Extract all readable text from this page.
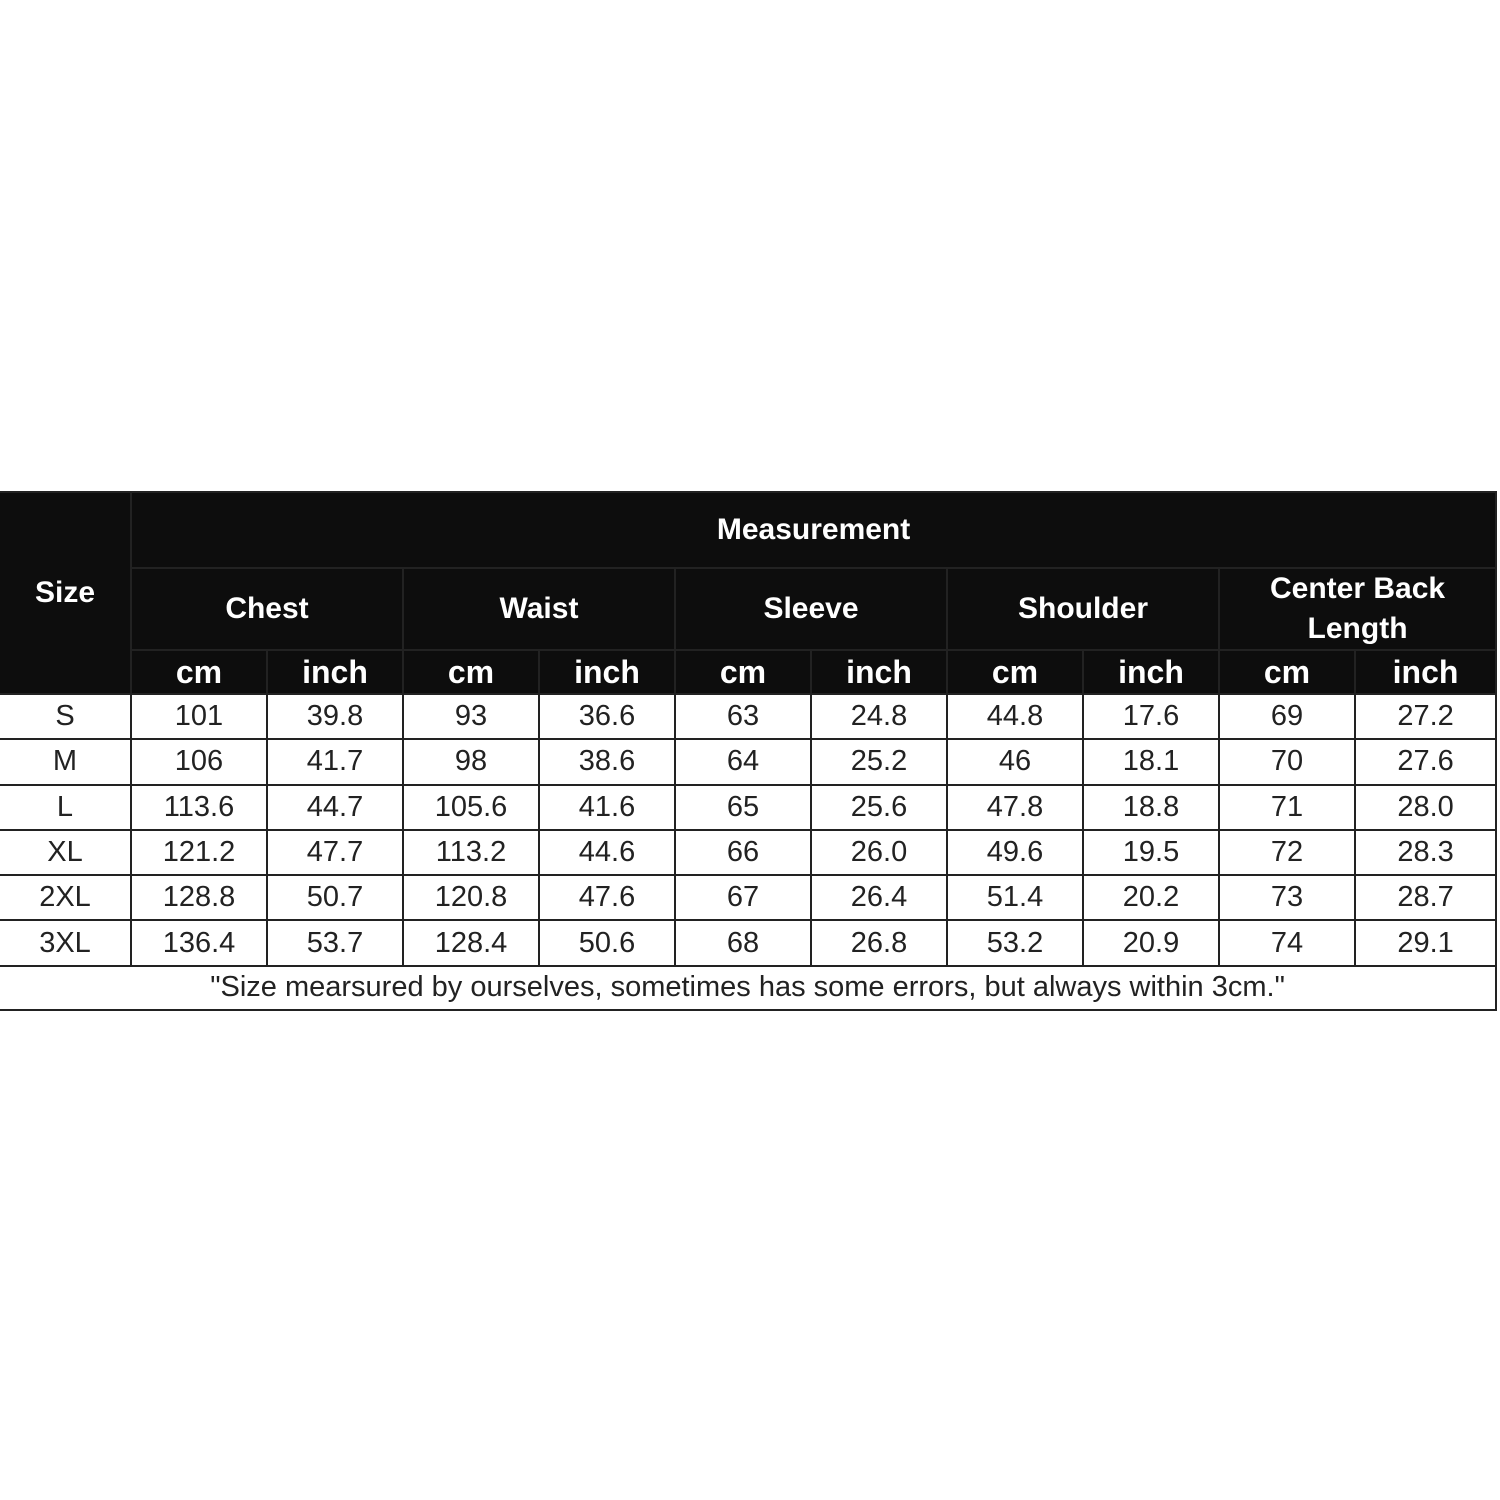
Size	Measurement									
	Chest		Waist		Sleeve		Shoulder		Center Back Length	
	cm	inch	cm	inch	cm	inch	cm	inch	cm	inch
S	101	39.8	93	36.6	63	24.8	44.8	17.6	69	27.2
M	106	41.7	98	38.6	64	25.2	46	18.1	70	27.6
L	113.6	44.7	105.6	41.6	65	25.6	47.8	18.8	71	28.0
XL	121.2	47.7	113.2	44.6	66	26.0	49.6	19.5	72	28.3
2XL	128.8	50.7	120.8	47.6	67	26.4	51.4	20.2	73	28.7
3XL	136.4	53.7	128.4	50.6	68	26.8	53.2	20.9	74	29.1
"Size mearsured by ourselves, sometimes has some errors, but always within 3cm."										
